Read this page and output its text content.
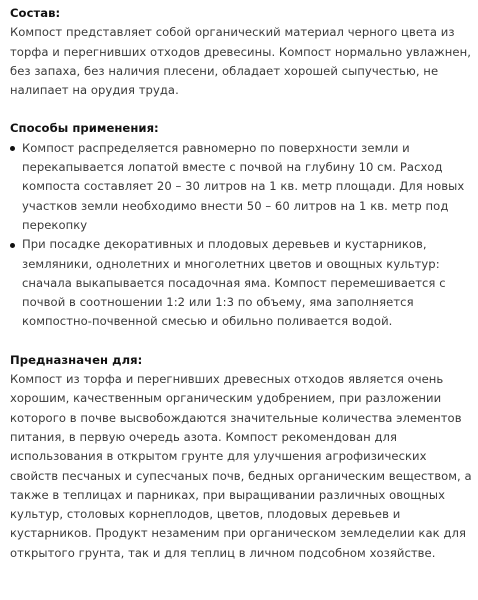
Состав:

Компост представляет собой органический материал черного цвета из торфа и перегнивших отходов древесины. Компост нормально увлажнен, без запаха, без наличия плесени, обладает хорошей сыпучестью, не налипает на орудия труда.

Способы применения:

Компост распределяется равномерно по поверхности земли и перекапывается лопатой вместе с почвой на глубину 10 см. Расход компоста составляет 20 – 30 литров на 1 кв. метр площади. Для новых участков земли необходимо внести 50 – 60 литров на 1 кв. метр под перекопку
При посадке декоративных и плодовых деревьев и кустарников, земляники, однолетних и многолетних цветов и овощных культур: сначала выкапывается посадочная яма. Компост перемешивается с почвой в соотношении 1:2 или 1:3 по объему, яма заполняется компостно-почвенной смесью и обильно поливается водой.

Предназначен для:

Компост из торфа и перегнивших древесных отходов является очень хорошим, качественным органическим удобрением, при разложении которого в почве высвобождаются значительные количества элементов питания, в первую очередь азота. Компост рекомендован для использования в открытом грунте для улучшения агрофизических свойств песчаных и супесчаных почв, бедных органическим веществом, а также в теплицах и парниках, при выращивании различных овощных культур, столовых корнеплодов, цветов, плодовых деревьев и кустарников. Продукт незаменим при органическом земледелии как для открытого грунта, так и для теплиц в личном подсобном хозяйстве.
